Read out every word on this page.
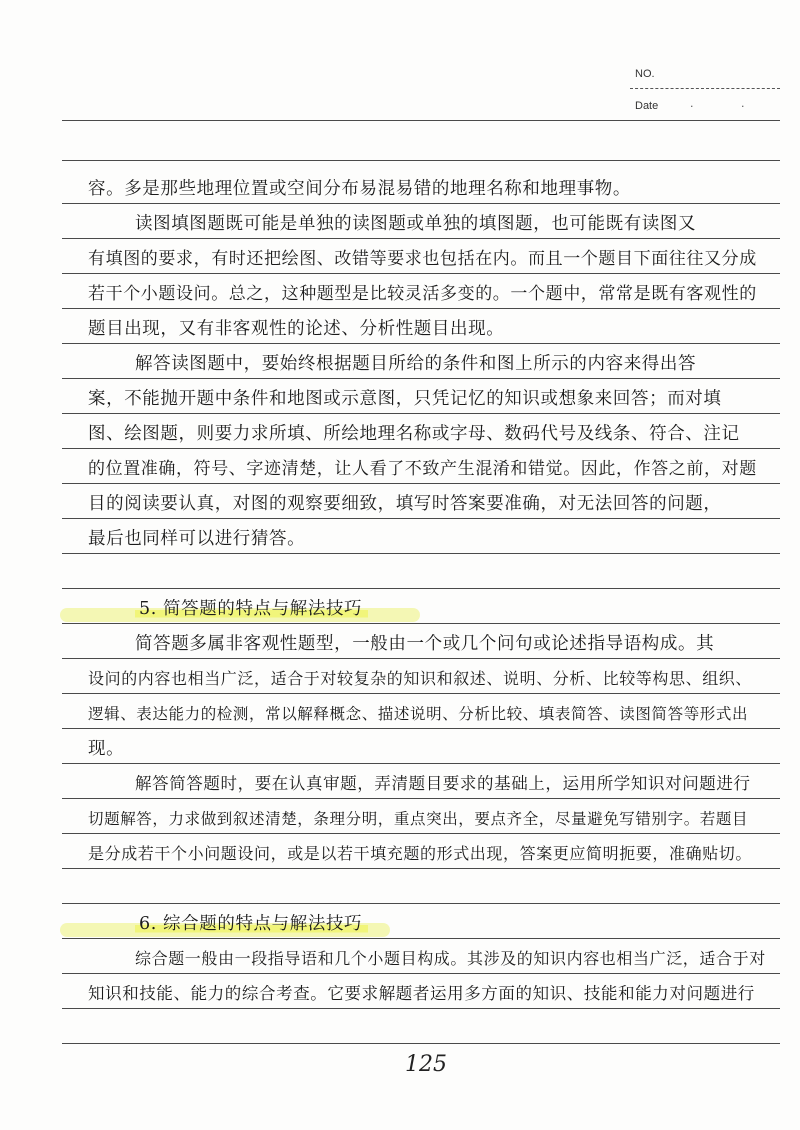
NO.
Date	· ·
容。多是那些地理位置或空间分布易混易错的地理名称和地理事物。
读图填图题既可能是单独的读图题或单独的填图题，也可能既有读图又
有填图的要求，有时还把绘图、改错等要求也包括在内。而且一个题目下面往往又分成
若干个小题设问。总之，这种题型是比较灵活多变的。一个题中，常常是既有客观性的
题目出现，又有非客观性的论述、分析性题目出现。
解答读图题中，要始终根据题目所给的条件和图上所示的内容来得出答
案，不能抛开题中条件和地图或示意图，只凭记忆的知识或想象来回答；而对填
图、绘图题，则要力求所填、所绘地理名称或字母、数码代号及线条、符合、注记
的位置准确，符号、字迹清楚，让人看了不致产生混淆和错觉。因此，作答之前，对题
目的阅读要认真，对图的观察要细致，填写时答案要准确，对无法回答的问题，
最后也同样可以进行猜答。
5. 简答题的特点与解法技巧
简答题多属非客观性题型，一般由一个或几个问句或论述指导语构成。其
设问的内容也相当广泛，适合于对较复杂的知识和叙述、说明、分析、比较等构思、组织、
逻辑、表达能力的检测，常以解释概念、描述说明、分析比较、填表简答、读图简答等形式出
现。
解答简答题时，要在认真审题，弄清题目要求的基础上，运用所学知识对问题进行
切题解答，力求做到叙述清楚，条理分明，重点突出，要点齐全，尽量避免写错别字。若题目
是分成若干个小问题设问，或是以若干填充题的形式出现，答案更应简明扼要，准确贴切。
6. 综合题的特点与解法技巧
综合题一般由一段指导语和几个小题目构成。其涉及的知识内容也相当广泛，适合于对
知识和技能、能力的综合考查。它要求解题者运用多方面的知识、技能和能力对问题进行
125
